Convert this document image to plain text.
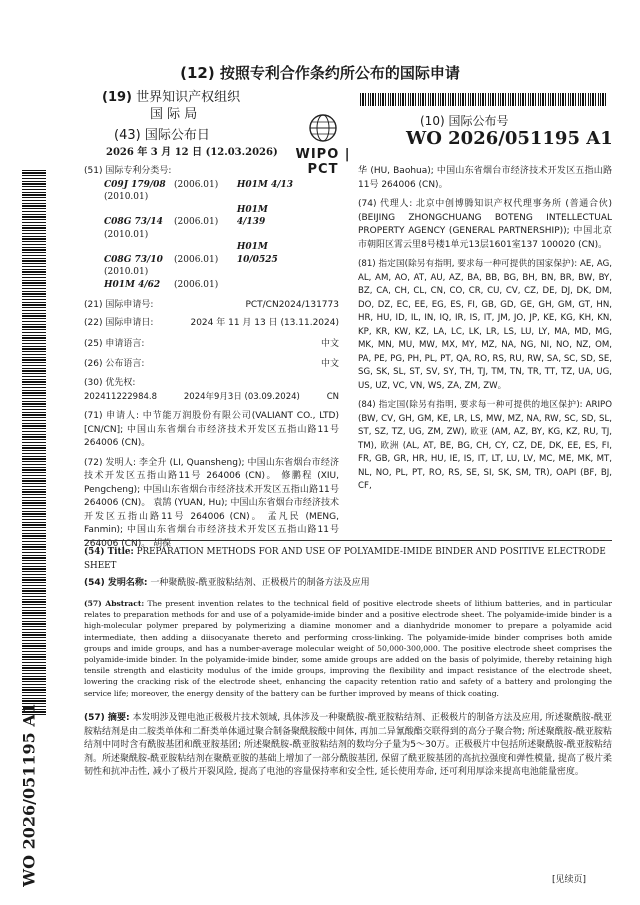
(12) 按照专利合作条约所公布的国际申请
(19) 世界知识产权组织
国 际 局
(43) 国际公布日
2026 年 3 月 12 日 (12.03.2026)	WIPO | PCT
(10) 国际公布号
WO 2026/051195 A1
(51) 国际专利分类号:
C09J 179/08 (2006.01) H01M 4/13(2010.01)
C08G 73/14 (2006.01) H01M 4/139(2010.01)
C08G 73/10 (2006.01) H01M 10/0525(2010.01)
H01M 4/62 (2006.01)
(21) 国际申请号:	PCT/CN2024/131773
(22) 国际申请日:	2024 年 11 月 13 日 (13.11.2024)
(25) 申请语言:	中文
(26) 公布语言:	中文
(30) 优先权:
202411222984.8	2024年9月3日 (03.09.2024)	CN
(71) 申请人: 中节能万润股份有限公司(VALIANT CO., LTD) [CN/CN]; 中国山东省烟台市经济技术开发区五指山路11号 264006 (CN)。
(72) 发明人: 李全升 (LI, Quansheng); 中国山东省烟台市经济技术开发区五指山路11号 264006 (CN)。 修鹏程 (XIU, Pengcheng); 中国山东省烟台市经济技术开发区五指山路11号 264006 (CN)。 袁鹄 (YUAN, Hu); 中国山东省烟台市经济技术开发区五指山路11号 264006 (CN)。 孟凡民 (MENG, Fanmin); 中国山东省烟台市经济技术开发区五指山路11号 264006 (CN)。 胡葆
华 (HU, Baohua); 中国山东省烟台市经济技术开发区五指山路11号 264006 (CN)。
(74) 代理人: 北京中创博腾知识产权代理事务所 (普通合伙) (BEIJING ZHONGCHUANG BOTENG INTELLECTUAL PROPERTY AGENCY (GENERAL PARTNERSHIP)); 中国北京市朝阳区霄云里8号楼1单元13层1601室137 100020 (CN)。
(81) 指定国(除另有指明, 要求每一种可提供的国家保护): AE, AG, AL, AM, AO, AT, AU, AZ, BA, BB, BG, BH, BN, BR, BW, BY, BZ, CA, CH, CL, CN, CO, CR, CU, CV, CZ, DE, DJ, DK, DM, DO, DZ, EC, EE, EG, ES, FI, GB, GD, GE, GH, GM, GT, HN, HR, HU, ID, IL, IN, IQ, IR, IS, IT, JM, JO, JP, KE, KG, KH, KN, KP, KR, KW, KZ, LA, LC, LK, LR, LS, LU, LY, MA, MD, MG, MK, MN, MU, MW, MX, MY, MZ, NA, NG, NI, NO, NZ, OM, PA, PE, PG, PH, PL, PT, QA, RO, RS, RU, RW, SA, SC, SD, SE, SG, SK, SL, ST, SV, SY, TH, TJ, TM, TN, TR, TT, TZ, UA, UG, US, UZ, VC, VN, WS, ZA, ZM, ZW。
(84) 指定国(除另有指明, 要求每一种可提供的地区保护): ARIPO (BW, CV, GH, GM, KE, LR, LS, MW, MZ, NA, RW, SC, SD, SL, ST, SZ, TZ, UG, ZM, ZW), 欧亚 (AM, AZ, BY, KG, KZ, RU, TJ, TM), 欧洲 (AL, AT, BE, BG, CH, CY, CZ, DE, DK, EE, ES, FI, FR, GB, GR, HR, HU, IE, IS, IT, LT, LU, LV, MC, ME, MK, MT, NL, NO, PL, PT, RO, RS, SE, SI, SK, SM, TR), OAPI (BF, BJ, CF,
(54) Title: PREPARATION METHODS FOR AND USE OF POLYAMIDE-IMIDE BINDER AND POSITIVE ELECTRODE SHEET
(54) 发明名称: 一种聚酰胺-酰亚胺粘结剂、正极极片的制备方法及应用
(57) Abstract: The present invention relates to the technical field of positive electrode sheets of lithium batteries, and in particular relates to preparation methods for and use of a polyamide-imide binder and a positive electrode sheet. The polyamide-imide binder is a high-molecular polymer prepared by polymerizing a diamine monomer and a dianhydride monomer to prepare a polyamide acid intermediate, then adding a diisocyanate thereto and performing cross-linking. The polyamide-imide binder comprises both amide groups and imide groups, and has a number-average molecular weight of 50,000-300,000. The positive electrode sheet comprises the polyamide-imide binder. In the polyamide-imide binder, some amide groups are added on the basis of polyimide, thereby retaining high tensile strength and elasticity modulus of the imide groups, improving the flexibility and impact resistance of the electrode sheet, lowering the cracking risk of the electrode sheet, enhancing the capacity retention ratio and safety of a battery and prolonging the service life; moreover, the energy density of the battery can be further improved by means of thick coating.
(57) 摘要: 本发明涉及锂电池正极极片技术领域, 具体涉及一种聚酰胺-酰亚胺粘结剂、正极极片的制备方法及应用, 所述聚酰胺-酰亚胺粘结剂是由二胺类单体和二酐类单体通过聚合制备聚酰胺酸中间体, 再加二异氰酸酯交联得到的高分子聚合物; 所述聚酰胺-酰亚胺粘结剂中同时含有酰胺基团和酰亚胺基团; 所述聚酰胺-酰亚胺粘结剂的数均分子量为5～30万。正极极片中包括所述聚酰胺-酰亚胺粘结剂。所述聚酰胺-酰亚胺粘结剂在聚酰亚胺的基础上增加了一部分酰胺基团, 保留了酰亚胺基团的高抗拉强度和弹性模量, 提高了极片柔韧性和抗冲击性, 减小了极片开裂风险, 提高了电池的容量保持率和安全性, 延长使用寿命, 还可利用厚涂来提高电池能量密度。
WO 2026/051195 A1	[见续页]
